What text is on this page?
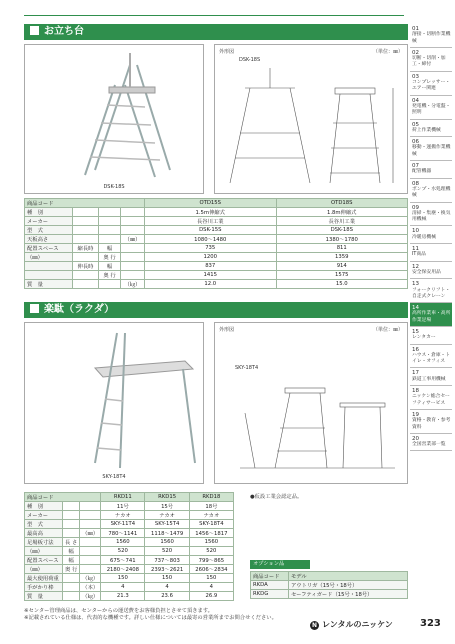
お立ち台
DSK-18S
外形図	（単位：㎜）
DSK-18S
商品コード				OTD15S	OTD18S
種　別				1.5m伸縮式	1.8m伸縮式
メーカー				長谷川工業	長谷川工業
型　式				DSK-15S	DSK-18S
天板高さ			（㎜）	1080～1480	1380～1780
配置スペース	縮長時	幅		735	811
（㎜）		奥 行		1200	1359
	伸長時	幅		837	914
		奥 行		1415	1575
質　量			（㎏）	12.0	15.0
楽駄（ラクダ）
SKY-18T4
外形図	（単位：㎜）
SKY-18T4
●仮設工業会認定品。
商品コード			RKD11	RKD15	RKD18
種　別			11号	15号	18号
メーカー			ナカオ	ナカオ	ナカオ
型　式			SKY-11T4	SKY-15T4	SKY-18T4
最高高		（㎜）	780～1141	1118～1479	1456～1817
足場板寸法	長 さ		1560	1560	1560
（㎜）	幅		520	520	520
配置スペース	幅		675～741	737～803	799～865
（㎜）	奥 行		2180～2408	2393～2621	2606～2834
最大使用荷重		（㎏）	150	150	150
手がかり棒		（本）	4	4	4
質　量		（㎏）	21.3	23.6	26.9
オプション品
商品コード	モデル
RKDA	アウトリガ（15号・18号）
RKDG	セーフティガード（15号・18号）
※センター管理商品は、センターからの運送費をお客様負担とさせて頂きます。
※記載されている仕様は、代表的な機種です。詳しい仕様については最寄の営業所までお問合せください。
N レンタルのニッケン	323
01
溶接・切断作業機械
02
切断・切削・加工・締付
03
コンプレッサー・エアー関連
04
発電機・分電盤・照明
05
荷上作業機械
06
移動・運搬作業機械
07
配管機器
08
ポンプ・水処理機械
09
清掃・集塵・換気用機械
10
冷暖房機械
11
IT商品
12
安全保安用品
13
フォークリフト・自走式クレーン
14
高所作業車・高所作業足場
15
レンタカー
16
ハウス・倉庫・トイレ・オフィス
17
鉄道工事用機械
18
ニッケン総合セーフティサービス
19
資格・教育・参考資料
20
全国営業部一覧
